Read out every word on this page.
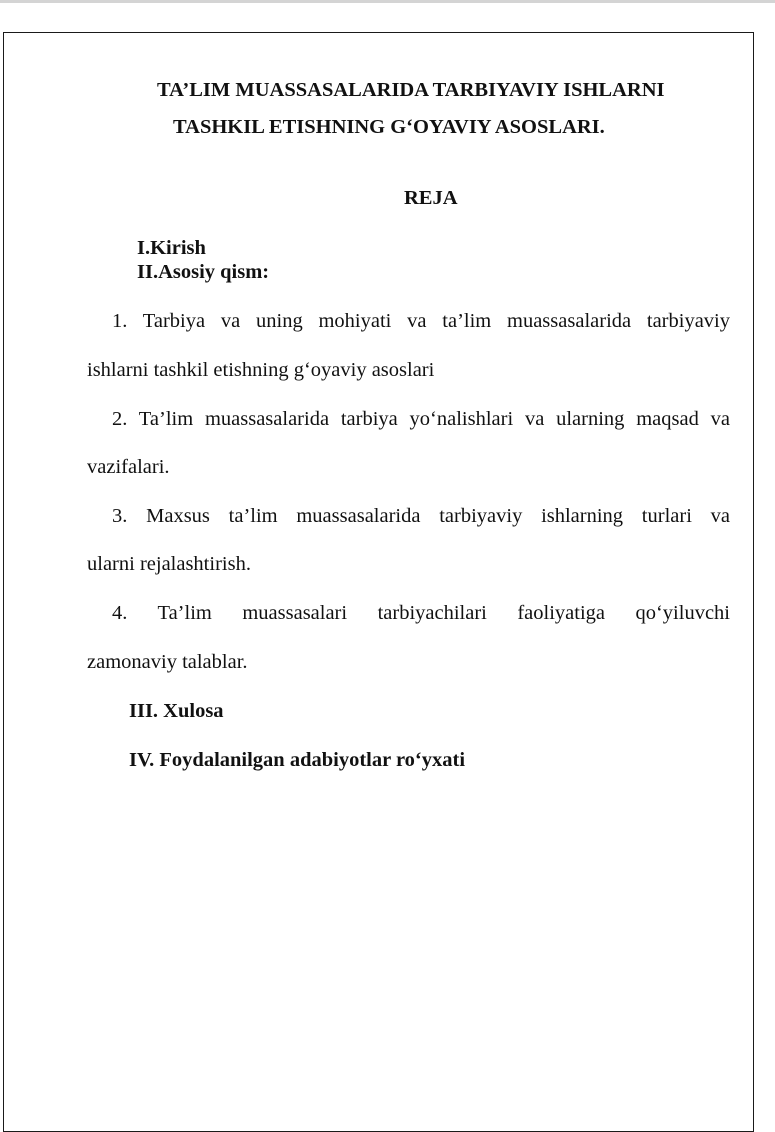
TA’LIM MUASSASALARIDA TARBIYAVIY ISHLARNI
TASHKIL ETISHNING G‘OYAVIY ASOSLARI.
REJA
I.Kirish
II.Asosiy qism:
1. Tarbiya va uning mohiyati va ta’lim muassasalarida tarbiyaviy
ishlarni tashkil etishning g‘oyaviy asoslari
2. Ta’lim muassasalarida tarbiya yo‘nalishlari va ularning maqsad va
vazifalari.
3. Maxsus ta’lim muassasalarida tarbiyaviy ishlarning turlari va
ularni rejalashtirish.
4. Ta’lim muassasalari tarbiyachilari faoliyatiga qo‘yiluvchi
zamonaviy talablar.
III. Xulosa
IV. Foydalanilgan adabiyotlar ro‘yxati
